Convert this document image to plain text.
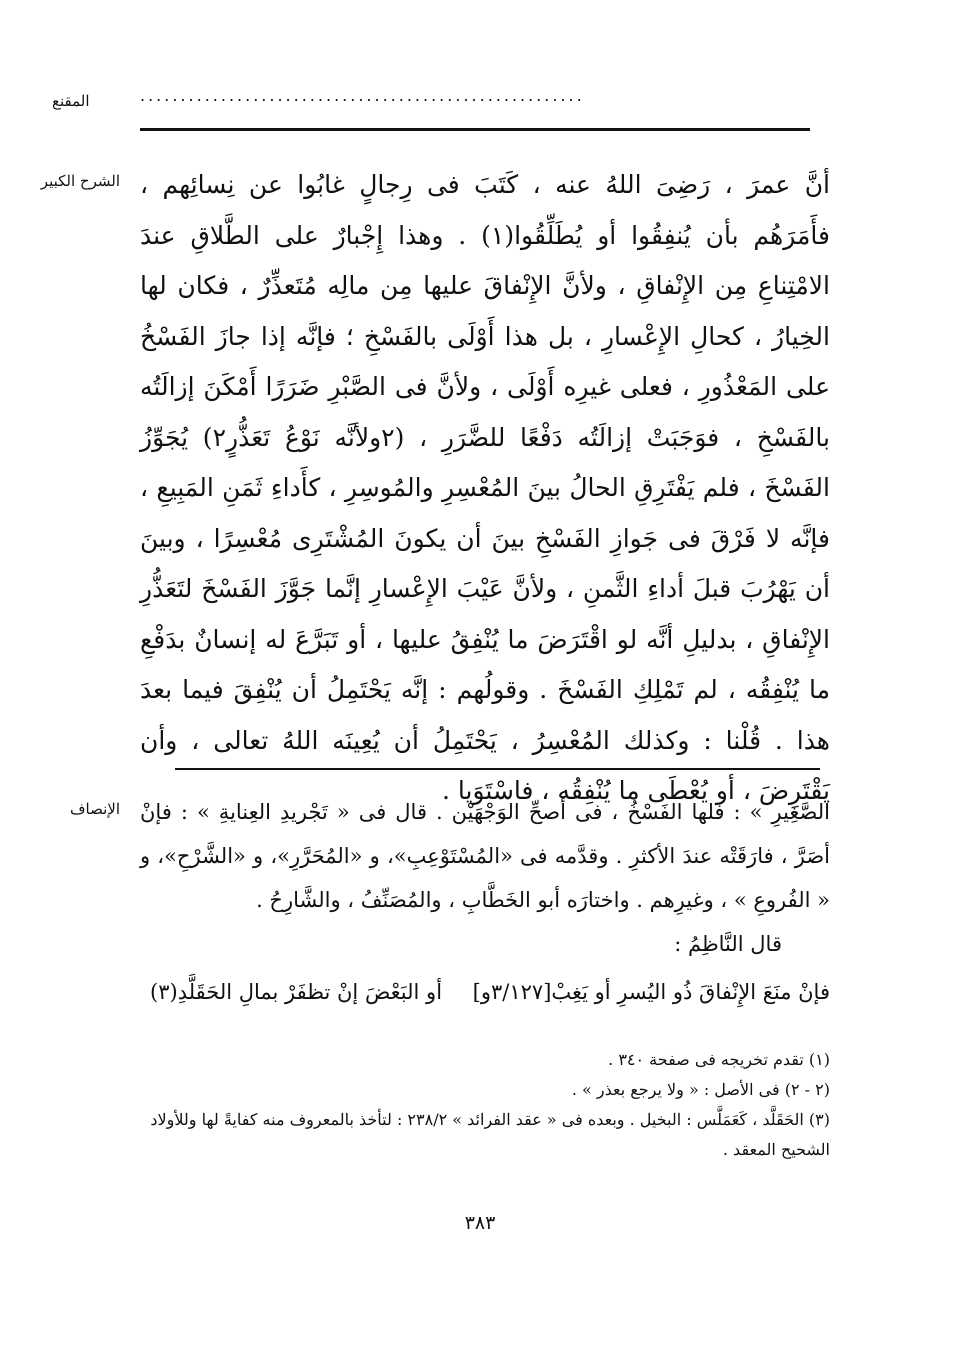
المقنع	.......................................................
الشرح الكبير أنَّ عمرَ ، رَضِىَ اللهُ عنه ، كَتَبَ فى رِجالٍ غابُوا عن نِسائِهم ، فأَمَرَهُم بأن يُنفِقُوا أو يُطَلِّقُوا(١) . وهذا إِجْبارٌ على الطَّلاقِ عندَ الامْتِناعِ مِن الإِنْفاقِ ، ولأنَّ الإِنْفاقَ عليها مِن مالِه مُتَعذِّرٌ ، فكان لها الخِيارُ ، كحالِ الإِعْسارِ ، بل هذا أَوْلَى بالفَسْخِ ؛ فإنَّه إذا جازَ الفَسْخُ على المَعْذُورِ ، فعلى غيرِه أَوْلَى ، ولأنَّ فى الصَّبْرِ ضَرَرًا أَمْكَنَ إزالَتُه بالفَسْخِ ، فوَجَبَتْ إزالَتُه دَفْعًا للضَّرَرِ ، (٢ولأنَّه نَوْعُ تَعَذُّرٍ٢) يُجَوِّزُ الفَسْخَ ، فلم يَفْتَرِقِ الحالُ بينَ المُعْسِرِ والمُوسِرِ ، كأَداءِ ثَمَنِ المَبِيعِ ، فإنَّه لا فَرْقَ فى جَوازِ الفَسْخِ بينَ أن يكونَ المُشْتَرِى مُعْسِرًا ، وبينَ أن يَهْرُبَ قبلَ أداءِ الثَّمنِ ، ولأنَّ عَيْبَ الإِعْسارِ إنَّما جَوَّزَ الفَسْخَ لتَعَذُّرِ الإِنْفاقِ ، بدليلِ أنَّه لو اقْتَرَضَ ما يُنْفِقُ عليها ، أو تَبَرَّعَ له إنسانٌ بدَفْعِ ما يُنْفِقُه ، لم تَمْلِكِ الفَسْخَ . وقولُهم : إنَّه يَحْتَمِلُ أن يُنْفِقَ فيما بعدَ هذا . قُلْنا : وكذلك المُعْسِرُ ، يَحْتَمِلُ أن يُعِينَه اللهُ تعالى ، وأن يَقْتَرِضَ ، أو يُعْطَى ما يُنْفِقُه ، فاسْتَوَيا .

الإنصاف الصَّغِيرِ » : فلها الفَسْخُ ، فى أصحِّ الوَجْهَيْن . قال فى « تَجْريدِ العِنايةِ » : فإنْ أصَرَّ ، فارَقَتْه عندَ الأكثرِ . وقدَّمه فى «المُسْتَوْعِبِ»، و «المُحَرَّرِ»، و «الشَّرْحِ»، و « الفُروعِ » ، وغيرِهم . واختارَه أبو الخَطَّابِ ، والمُصَنِّفُ ، والشَّارِحُ .

قال النَّاظِمُ :

فإنْ منَعَ الإِنْفاقَ ذُو اليُسرِ أو يَغِبْ[٣/١٢٧و]
أو البَعْضَ إنْ تظفَرْ بمالِ الحَقَلَّدِ(٣)

(١) تقدم تخريجه فى صفحة ٣٤٠ .

(٢ - ٢) فى الأصل : « ولا يرجع بعذر » .

(٣) الحَقَلَّد ، كَعَمَلَّس : البخيل . وبعده فى « عقد الفرائد » ٢٣٨/٢ : لتأخذ بالمعروف منه كفايةً لها وللأولاد الشحيح المعقد .

٣٨٣
